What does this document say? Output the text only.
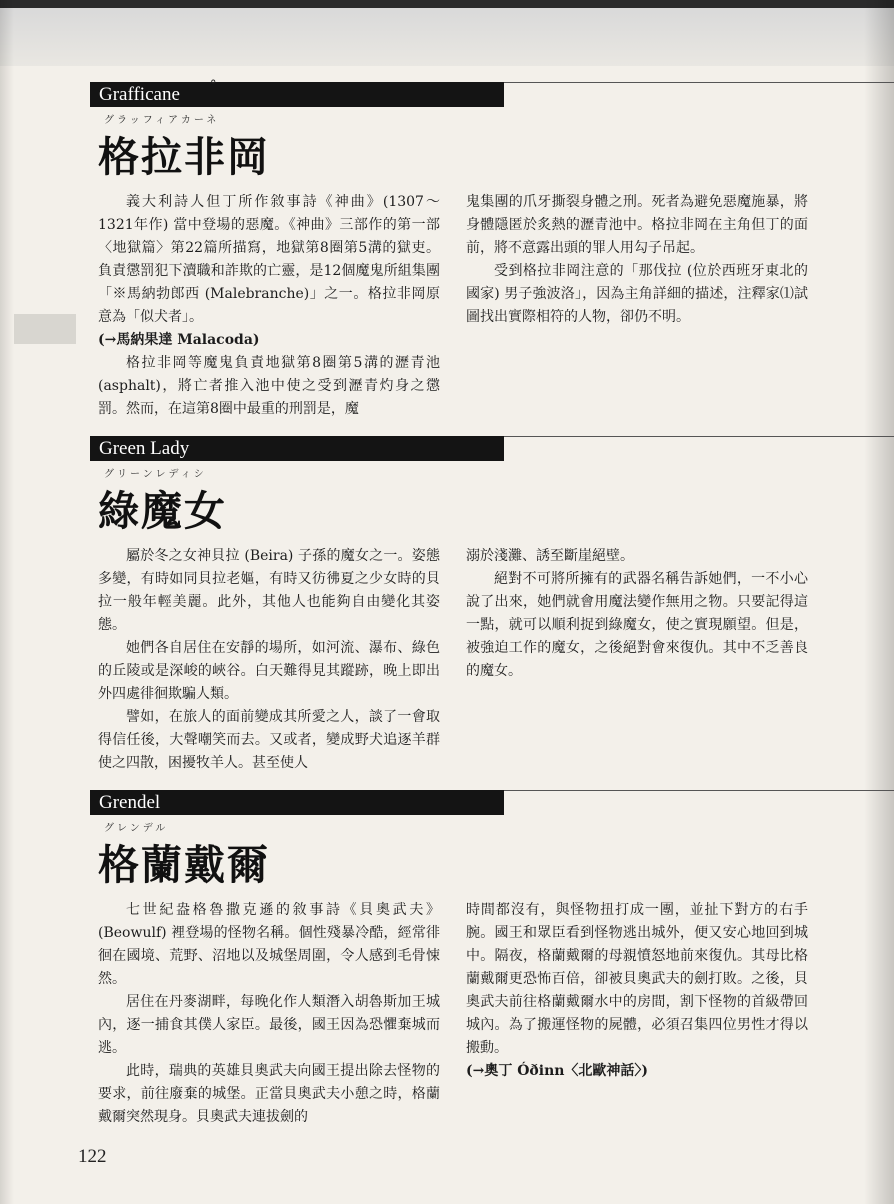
Grafficane	°
グラッフィアカーネ
格拉非岡

義大利詩人但丁所作敘事詩《神曲》(1307～1321年作) 當中登場的惡魔。《神曲》三部作的第一部〈地獄篇〉第22篇所描寫，地獄第8圈第5溝的獄吏。負責懲罰犯下瀆職和詐欺的亡靈，是12個魔鬼所組集團「※馬納勃郎西 (Malebranche)」之一。格拉非岡原意為「似犬者」。

(→馬納果達 Malacoda)

格拉非岡等魔鬼負責地獄第8圈第5溝的瀝青池 (asphalt)，將亡者推入池中使之受到瀝青灼身之懲罰。然而，在這第8圈中最重的刑罰是，魔

鬼集團的爪牙撕裂身體之刑。死者為避免惡魔施暴，將身體隱匿於炙熱的瀝青池中。格拉非岡在主角但丁的面前，將不意露出頭的罪人用勾子吊起。

受到格拉非岡注意的「那伐拉 (位於西班牙東北的國家) 男子強波洛」，因為主角詳細的描述，注釋家⑴試圖找出實際相符的人物，卻仍不明。

Green Lady
グリーンレディシ
綠魔女

屬於冬之女神貝拉 (Beira) 子孫的魔女之一。姿態多變，有時如同貝拉老嫗，有時又彷彿夏之少女時的貝拉一般年輕美麗。此外，其他人也能夠自由變化其姿態。

她們各自居住在安靜的場所，如河流、瀑布、綠色的丘陵或是深峻的峽谷。白天難得見其蹤跡，晚上即出外四處徘徊欺騙人類。

譬如，在旅人的面前變成其所愛之人，談了一會取得信任後，大聲嘲笑而去。又或者，變成野犬追逐羊群使之四散，困擾牧羊人。甚至使人

溺於淺灘、誘至斷崖絕壁。

絕對不可將所擁有的武器名稱告訴她們，一不小心說了出來，她們就會用魔法變作無用之物。只要記得這一點，就可以順利捉到綠魔女，使之實現願望。但是，被強迫工作的魔女，之後絕對會來復仇。其中不乏善良的魔女。

Grendel
グレンデル
格蘭戴爾

七世紀盎格魯撒克遜的敘事詩《貝奧武夫》(Beowulf) 裡登場的怪物名稱。個性殘暴冷酷，經常徘徊在國境、荒野、沼地以及城堡周圍，令人感到毛骨悚然。

居住在丹麥湖畔，每晚化作人類潛入胡魯斯加王城內，逐一捕食其僕人家臣。最後，國王因為恐懼棄城而逃。

此時，瑞典的英雄貝奧武夫向國王提出除去怪物的要求，前往廢棄的城堡。正當貝奧武夫小憩之時，格蘭戴爾突然現身。貝奧武夫連拔劍的

時間都沒有，與怪物扭打成一團，並扯下對方的右手腕。國王和眾臣看到怪物逃出城外，便又安心地回到城中。隔夜，格蘭戴爾的母親憤怒地前來復仇。其母比格蘭戴爾更恐怖百倍，卻被貝奧武夫的劍打敗。之後，貝奧武夫前往格蘭戴爾水中的房間，割下怪物的首級帶回城內。為了搬運怪物的屍體，必須召集四位男性才得以搬動。

(→奧丁 Óðinn〈北歐神話〉)

122
